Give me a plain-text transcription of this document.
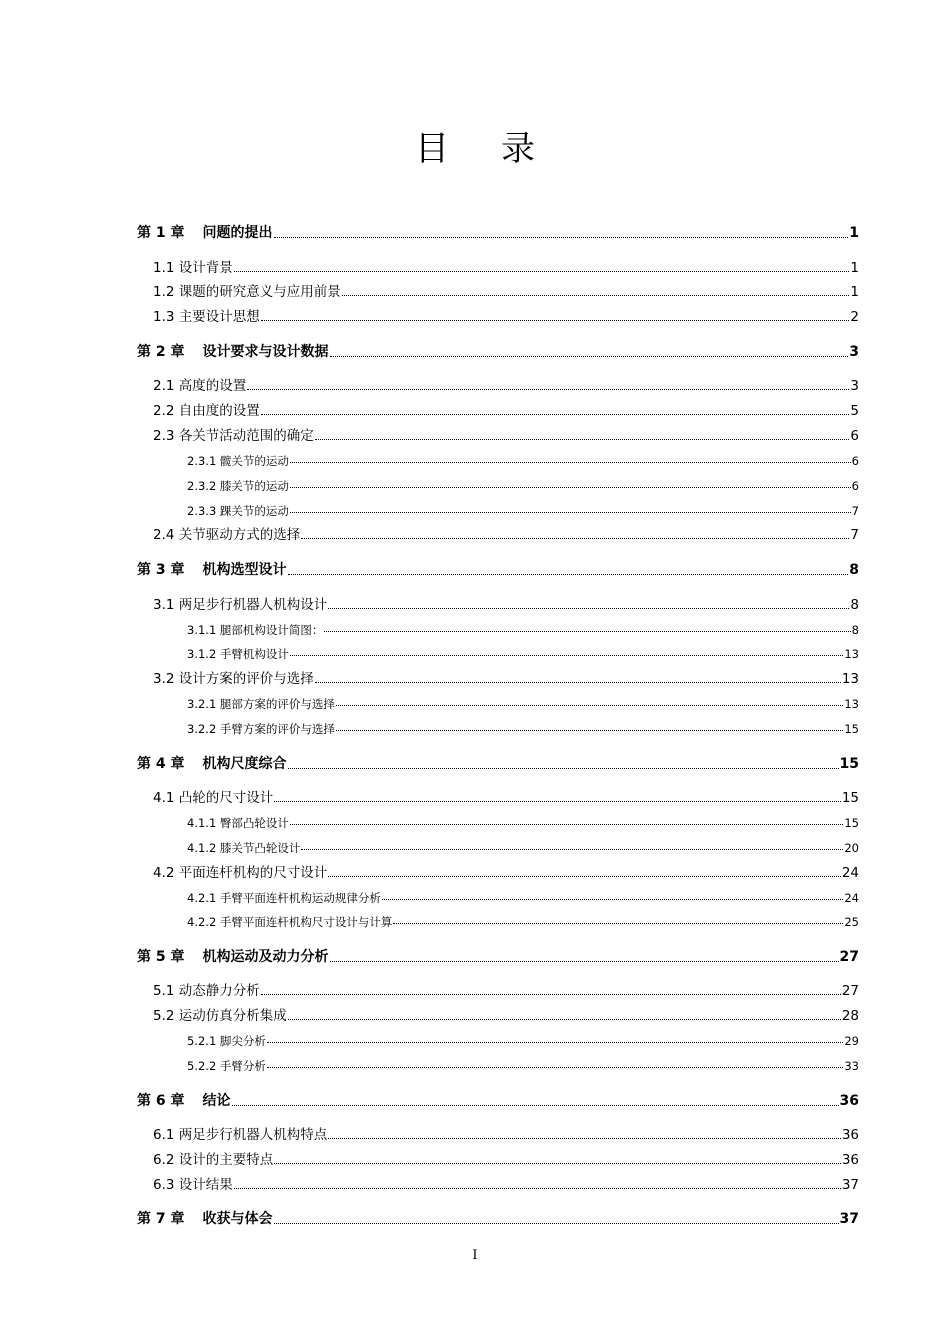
目录
第 1 章 问题的提出	1
1.1 设计背景	1
1.2 课题的研究意义与应用前景	1
1.3 主要设计思想	2
第 2 章 设计要求与设计数据	3
2.1 高度的设置	3
2.2 自由度的设置	5
2.3 各关节活动范围的确定	6
2.3.1 髋关节的运动	6
2.3.2 膝关节的运动	6
2.3.3 踝关节的运动	7
2.4 关节驱动方式的选择	7
第 3 章 机构选型设计	8
3.1 两足步行机器人机构设计	8
3.1.1 腿部机构设计简图：	8
3.1.2 手臂机构设计	13
3.2 设计方案的评价与选择	13
3.2.1 腿部方案的评价与选择	13
3.2.2 手臂方案的评价与选择	15
第 4 章 机构尺度综合	15
4.1 凸轮的尺寸设计	15
4.1.1 臀部凸轮设计	15
4.1.2 膝关节凸轮设计	20
4.2 平面连杆机构的尺寸设计	24
4.2.1 手臂平面连杆机构运动规律分析	24
4.2.2 手臂平面连杆机构尺寸设计与计算	25
第 5 章 机构运动及动力分析	27
5.1 动态静力分析	27
5.2 运动仿真分析集成	28
5.2.1 脚尖分析	29
5.2.2 手臂分析	33
第 6 章 结论	36
6.1 两足步行机器人机构特点	36
6.2 设计的主要特点	36
6.3 设计结果	37
第 7 章 收获与体会	37
I
